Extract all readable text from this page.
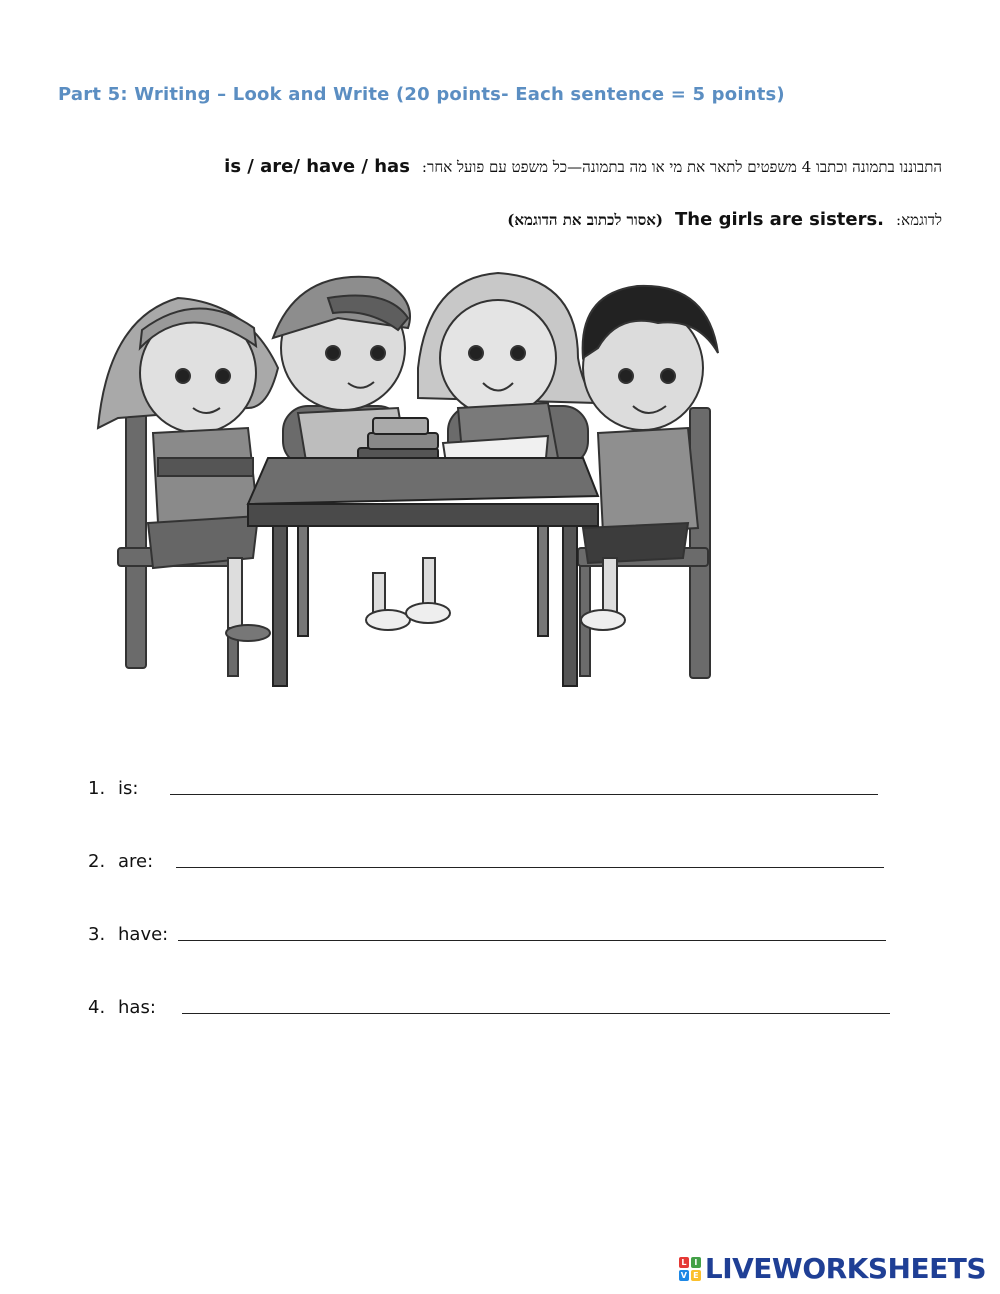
Part 5: Writing – Look and Write (20 points- Each sentence = 5 points)
is / are/ have / has התבוננו בתמונה וכתבו 4 משפטים לתאר את מי או מה בתמונה—כל משפט עם פועל אחר:
(אסור לכתוב את הדוגמא) The girls are sisters. לדוגמא:
1. is:
2. are:
3. have:
4. has:
L I
V E LIVEWORKSHEETS
